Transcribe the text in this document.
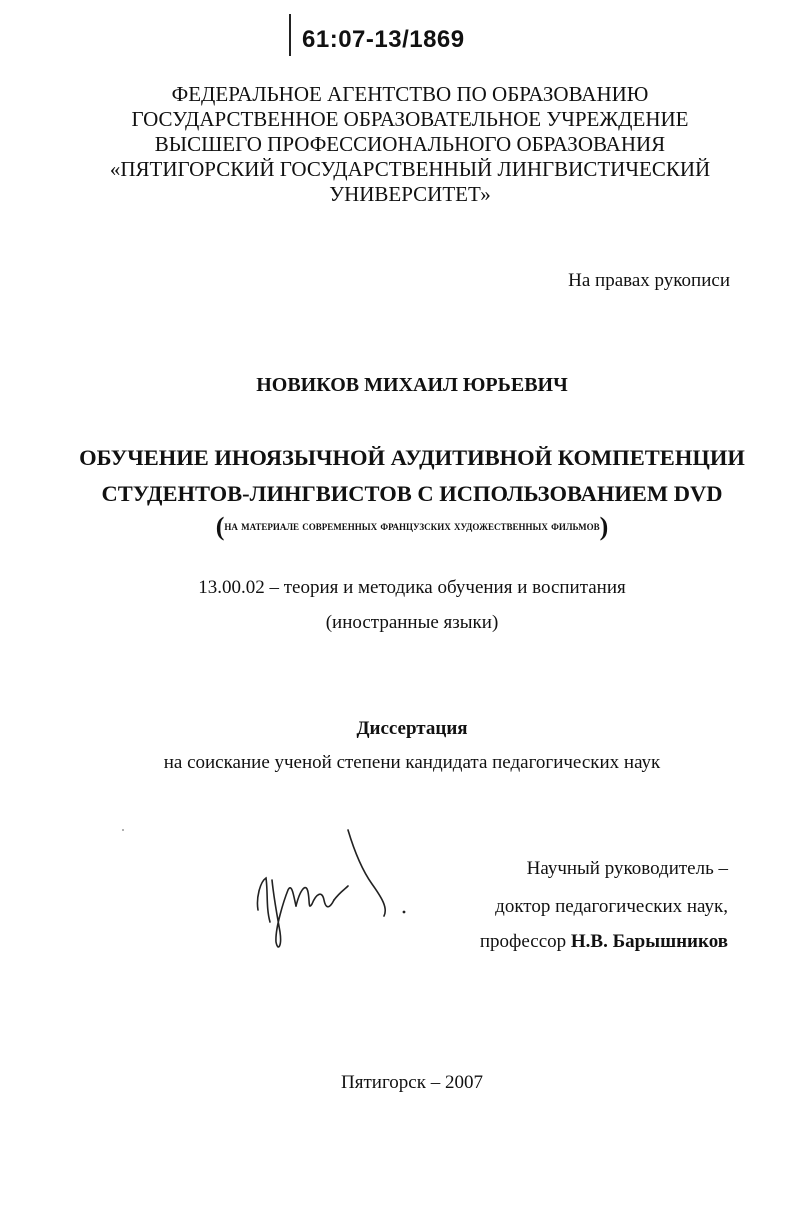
61:07-13/1869
ФЕДЕРАЛЬНОЕ АГЕНТСТВО ПО ОБРАЗОВАНИЮ
ГОСУДАРСТВЕННОЕ ОБРАЗОВАТЕЛЬНОЕ УЧРЕЖДЕНИЕ
ВЫСШЕГО ПРОФЕССИОНАЛЬНОГО ОБРАЗОВАНИЯ
«ПЯТИГОРСКИЙ ГОСУДАРСТВЕННЫЙ ЛИНГВИСТИЧЕСКИЙ
УНИВЕРСИТЕТ»
На правах рукописи
НОВИКОВ МИХАИЛ ЮРЬЕВИЧ
ОБУЧЕНИЕ ИНОЯЗЫЧНОЙ АУДИТИВНОЙ КОМПЕТЕНЦИИ
СТУДЕНТОВ-ЛИНГВИСТОВ С ИСПОЛЬЗОВАНИЕМ DVD
(на материале современных французских художественных фильмов)
13.00.02 – теория и методика обучения и воспитания
(иностранные языки)
Диссертация
на соискание ученой степени кандидата педагогических наук
Научный руководитель –
доктор педагогических наук,
профессор Н.В. Барышников
Пятигорск – 2007
